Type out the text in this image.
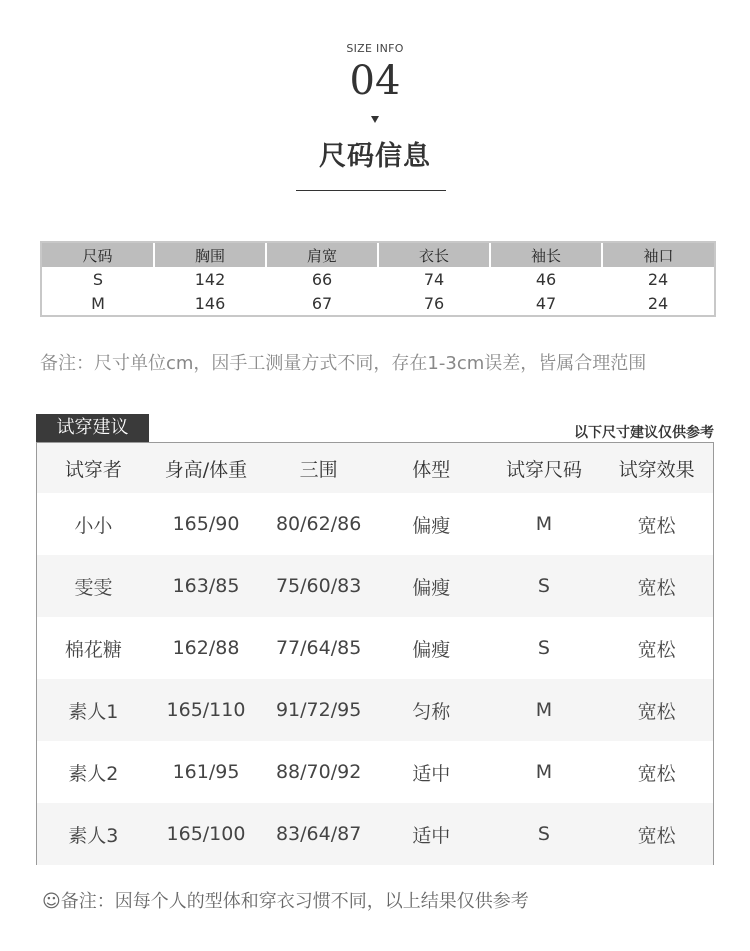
SIZE INFO
04
尺码信息
尺码	胸围	肩宽	衣长	袖长	袖口
S	142	66	74	46	24
M	146	67	76	47	24
备注：尺寸单位cm，因手工测量方式不同，存在1-3cm误差，皆属合理范围
试穿建议	以下尺寸建议仅供参考
试穿者	身高/体重	三围	体型	试穿尺码	试穿效果
小小	165/90	80/62/86	偏瘦	M	宽松
雯雯	163/85	75/60/83	偏瘦	S	宽松
棉花糖	162/88	77/64/85	偏瘦	S	宽松
素人1	165/110	91/72/95	匀称	M	宽松
素人2	161/95	88/70/92	适中	M	宽松
素人3	165/100	83/64/87	适中	S	宽松
☺备注：因每个人的型体和穿衣习惯不同，以上结果仅供参考
